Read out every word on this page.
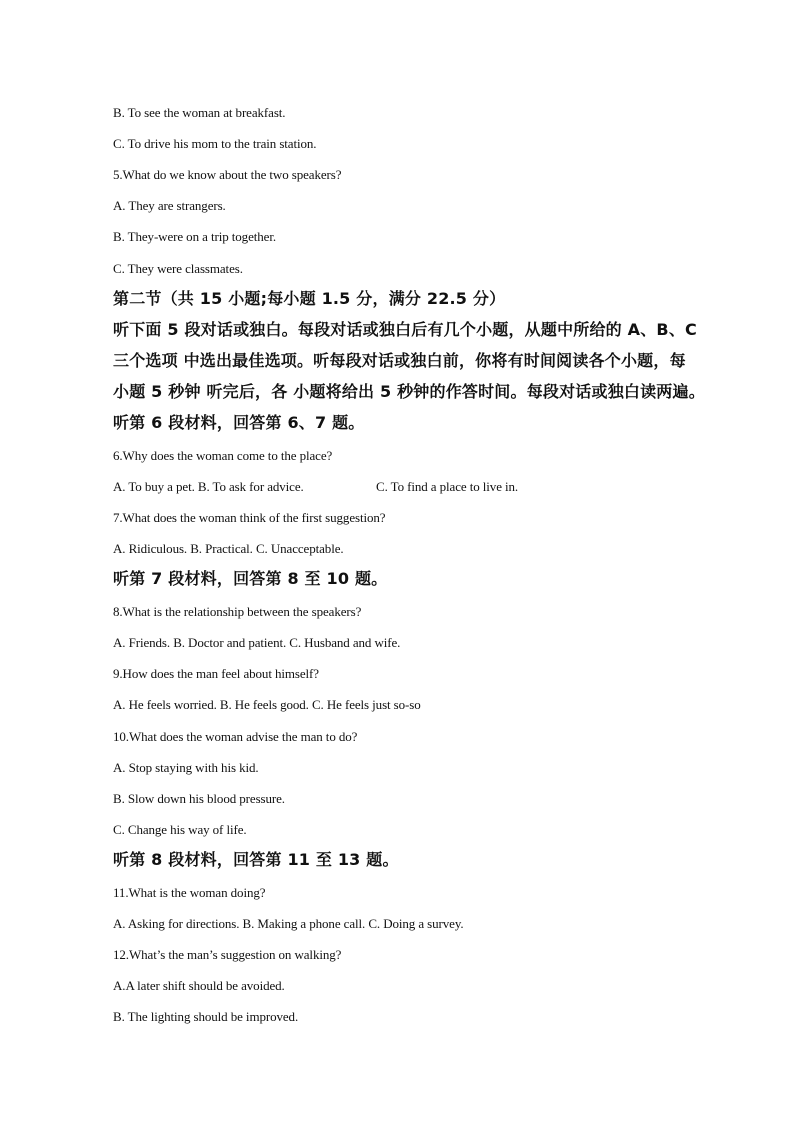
B. To see the woman at breakfast.
C. To drive his mom to the train station.
5.What do we know about the two speakers?
A. They are strangers.
B. They-were on a trip together.
C. They were classmates.
第二节（共 15 小题;每小题 1.5 分，满分 22.5 分）
听下面 5 段对话或独白。每段对话或独白后有几个小题，从题中所给的 A、B、C
三个选项 中选出最佳选项。听每段对话或独白前，你将有时间阅读各个小题，每
小题 5 秒钟 听完后，各 小题将给出 5 秒钟的作答时间。每段对话或独白读两遍。
听第 6 段材料，回答第 6、7 题。
6.Why does the woman come to the place?
A. To buy a pet. B. To ask for advice.	C. To find a place to live in.
7.What does the woman think of the first suggestion?
A. Ridiculous. B. Practical. C. Unacceptable.
听第 7 段材料，回答第 8 至 10 题。
8.What is the relationship between the speakers?
A. Friends. B. Doctor and patient. C. Husband and wife.
9.How does the man feel about himself?
A. He feels worried. B. He feels good. C. He feels just so-so
10.What does the woman advise the man to do?
A. Stop staying with his kid.
B. Slow down his blood pressure.
C. Change his way of life.
听第 8 段材料，回答第 11 至 13 题。
11.What is the woman doing?
A. Asking for directions. B. Making a phone call. C. Doing a survey.
12.What’s the man’s suggestion on walking?
A.A later shift should be avoided.
B. The lighting should be improved.
